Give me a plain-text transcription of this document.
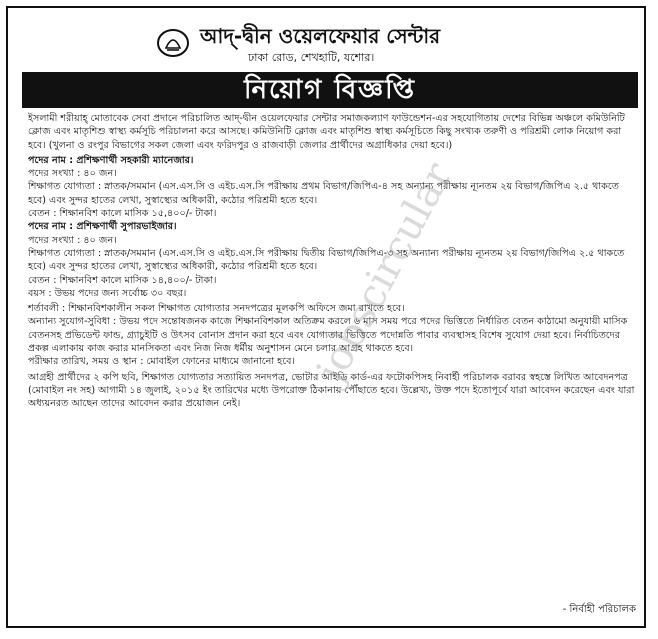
আদ্-দ্বীন ওয়েলফেয়ার সেন্টার
ঢাকা রোড, শেখহাটি, যশোর।
নিয়োগ বিজ্ঞপ্তি

ইসলামী শরীয়াহ্ মোতাবেক সেবা প্রদানে পরিচালিত আদ্-দ্বীন ওয়েলফেয়ার সেন্টার সমাজকল্যাণ ফাউন্ডেশন-এর সহযোগিতায় দেশের বিভিন্ন অঞ্চলে কমিউনিটি ক্লোজ এবং মাতৃশিশু স্বাস্থ্য কর্মসূচি পরিচালনা করে আসছে। কমিউনিটি ক্লোজ এবং মাতৃশিশু স্বাস্থ্য কর্মসূচিতে কিছু সংখ্যক তরুণী ও পরিশ্রমী লোক নিয়োগ করা হবে। (খুলনা ও রংপুর বিভাগের সকল জেলা এবং ফরিদপুর ও রাজবাড়ী জেলার প্রার্থীদের অগ্রাধিকার দেয়া হবে।)

পদের নাম : প্রশিক্ষণার্থী সহকারী ম্যানেজার।

পদের সংখ্যা : ৪০ জন।

শিক্ষাগত যোগ্যতা : স্নাতক/সমমান (এস.এস.সি ও এইচ.এস.সি পরীক্ষায় প্রথম বিভাগ/জিপিএ-৪ সহ অন্যান্য পরীক্ষায় ন্যূনতম ২য় বিভাগ/জিপিএ ২.৫ থাকতে হবে) এবং সুন্দর হাতের লেখা, সুস্বাস্থ্যের অধিকারী, কঠোর পরিশ্রমী হতে হবে।

বেতন : শিক্ষানবিশ কালে মাসিক ১৫,৪০০/- টাকা।

পদের নাম : প্রশিক্ষণার্থী সুপারভাইজার।

পদের সংখ্যা : ৪০ জন।

শিক্ষাগত যোগ্যতা : স্নাতক/সমমান (এস.এস.সি ও এইচ.এস.সি পরীক্ষায় দ্বিতীয় বিভাগ/জিপিএ-৩ সহ অন্যান্য পরীক্ষায় ন্যূনতম ২য় বিভাগ/জিপিএ ২.৫ থাকতে হবে) এবং সুন্দর হাতের লেখা, সুস্বাস্থ্যের অধিকারী, কঠোর পরিশ্রমী হতে হবে।

বেতন : শিক্ষানবিশ কালে মাসিক ১৪,৪০০/- টাকা।

বয়স : উভয় পদের জন্য সর্বোচ্চ ৩০ বছর।

শর্তাবলী : শিক্ষানবিশকালীন সকল শিক্ষাগত যোগ্যতার সনদপত্রের মূলকপি অফিসে জমা রাখতে হবে।

অন্যান্য সুযোগ-সুবিধা : উভয় পদে সন্তোষজনক কাজে শিক্ষানবিশকাল অতিক্রম করলে ৬ মাস সময় পরে পদের ভিত্তিতে নির্ধারিত বেতন কাঠামো অনুযায়ী মাসিক বেতনসহ প্রভিডেন্ট ফান্ড, গ্র্যাচুইটি ও উৎসব বোনাস প্রদান করা হবে এবং যোগ্যতার ভিত্তিতে পদোন্নতি পাবার ব্যবস্থাসহ বিশেষ সুযোগ দেয়া হবে। নির্বাচিতদের প্রকল্প এলাকায় কাজ করার মানসিকতা এবং নিজ নিজ ধর্মীয় অনুশাসন মেনে চলার আগ্রহ থাকতে হবে।

পরীক্ষার তারিখ, সময় ও স্থান : মোবাইল ফোনের মাধ্যমে জানানো হবে।

আগ্রহী প্রার্থীদের ২ কপি ছবি, শিক্ষাগত যোগ্যতার সত্যায়িত সনদপত্র, ভোটার আইডি কার্ড-এর ফটোকপিসহ নিবার্হী পরিচালক বরাবর স্বহস্তে লিখিত আবেদনপত্র (মোবাইল নং সহ) আগামী ১৪ জুলাই, ২০১৫ ইং তারিখের মধ্যে উপরোক্ত ঠিকানায় পৌঁছাতে হবে। উল্লেখ্য, উক্ত পদে ইতোপূর্বে যারা আবেদন করেছেন এবং যারা অধ্যয়নরত আছেন তাদের আবেদন করার প্রয়োজন নেই।

jobscircular
- নির্বাহী পরিচালক
